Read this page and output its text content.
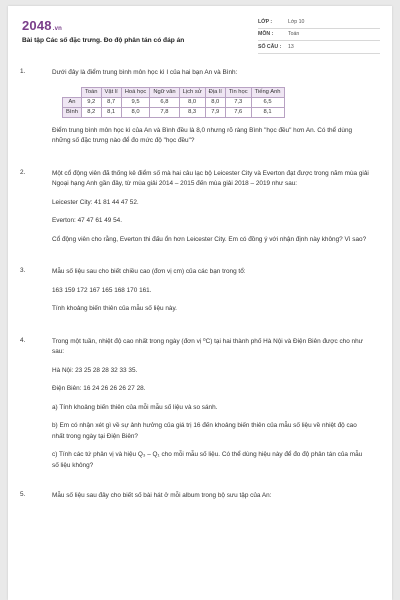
2048.vn
Bài tập Các số đặc trưng. Đo độ phân tán có đáp án
LỚP :	Lớp 10
MÔN :	Toán
SỐ CÂU :	13
1.	Dưới đây là điểm trung bình môn học kì I của hai bạn An và Bình:

	Toán	Vật lí	Hoá học	Ngữ văn	Lịch sử	Địa lí	Tin học	Tiếng Anh
An	9,2	8,7	9,5	6,8	8,0	8,0	7,3	6,5
Bình	8,2	8,1	8,0	7,8	8,3	7,9	7,6	8,1

Điểm trung bình môn học kì của An và Bình đều là 8,0 nhưng rõ ràng Bình "học đều" hơn An. Có thể dùng những số đặc trưng nào để đo mức độ "học đều"?

2.	Một cổ động viên đã thống kê điểm số mà hai câu lạc bộ Leicester City và Everton đạt được trong năm mùa giải Ngoại hạng Anh gần đây, từ mùa giải 2014 – 2015 đến mùa giải 2018 – 2019 như sau:

Leicester City: 41 81 44 47 52.

Everton: 47 47 61 49 54.

Cổ động viên cho rằng, Everton thi đấu ổn hơn Leicester City. Em có đồng ý với nhận định này không? Vì sao?

3.	Mẫu số liệu sau cho biết chiều cao (đơn vị cm) của các bạn trong tổ:

163 159 172 167 165 168 170 161.

Tính khoảng biến thiên của mẫu số liệu này.

4.	Trong một tuần, nhiệt độ cao nhất trong ngày (đơn vị ⁰C) tại hai thành phố Hà Nội và Điện Biên được cho như sau:

Hà Nội: 23 25 28 28 32 33 35.

Điện Biên: 16 24 26 26 26 27 28.

a) Tính khoảng biến thiên của mỗi mẫu số liệu và so sánh.

b) Em có nhận xét gì về sự ảnh hưởng của giá trị 16 đến khoảng biến thiên của mẫu số liệu về nhiệt độ cao nhất trong ngày tại Điện Biên?

c) Tính các tứ phân vị và hiệu Q₃ – Q₁ cho mỗi mẫu số liệu. Có thể dùng hiệu này để đo độ phân tán của mẫu số liệu không?

5.	Mẫu số liệu sau đây cho biết số bài hát ở mỗi album trong bộ sưu tập của An:
